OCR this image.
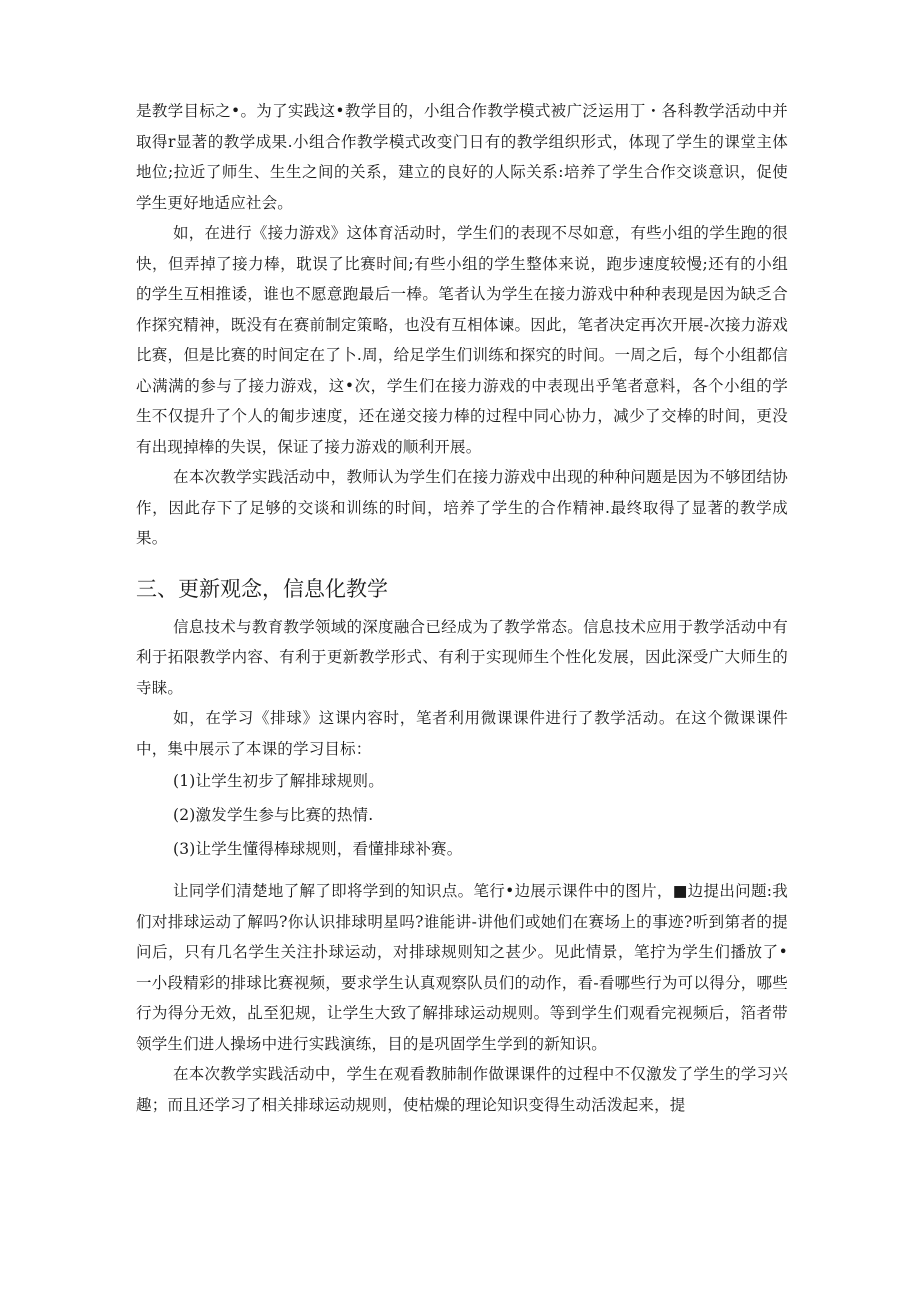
是教学目标之•。为了实践这•教学目的，小组合作教学模式被广泛运用丁・各科教学活动中并取得r显著的教学成果.小组合作教学模式改变门日有的教学组织形式，体现了学生的课堂主体地位;拉近了师生、生生之间的关系，建立的良好的人际关系:培养了学生合作交谈意识，促使学生更好地适应社会。

如，在进行《接力游戏》这体育活动时，学生们的表现不尽如意，有些小组的学生跑的很快，但弄掉了接力棒，耽误了比赛时间;有些小组的学生整体来说，跑步速度较慢;还有的小组的学生互相推诿，谁也不愿意跑最后一棒。笔者认为学生在接力游戏中种种表现是因为缺乏合作探究精神，既没有在赛前制定策略，也没有互相体谏。因此，笔者决定再次开展-次接力游戏比赛，但是比赛的时间定在了卜.周，给足学生们训练和探究的时间。一周之后，每个小组都信心满满的参与了接力游戏，这•次，学生们在接力游戏的中表现出乎笔者意料，各个小组的学生不仅提升了个人的匍步速度，还在递交接力棒的过程中同心协力，减少了交棒的时间，更没有出现掉棒的失误，保证了接力游戏的顺利开展。

在本次教学实践活动中，教师认为学生们在接力游戏中出现的种种问题是因为不够团结协作，因此存下了足够的交谈和训练的时间，培养了学生的合作精神.最终取得了显著的教学成果。

三、更新观念，信息化教学

信息技术与教育教学领域的深度融合已经成为了教学常态。信息技术应用于教学活动中有利于拓限教学内容、有利于更新教学形式、有利于实现师生个性化发展，因此深受广大师生的寺睐。

如，在学习《排球》这课内容时，笔者利用微课课件进行了教学活动。在这个微课课件中，集中展示了本课的学习目标：

(1)让学生初步了解排球规则。

(2)激发学生参与比赛的热情.

(3)让学生懂得棒球规则，看懂排球补赛。

让同学们清楚地了解了即将学到的知识点。笔行•边展示课件中的图片，■边提出问题:我们对排球运动了解吗?你认识排球明星吗?谁能讲-讲他们或她们在赛场上的事迹?听到第者的提问后，只有几名学生关注扑球运动，对排球规则知之甚少。见此情景，笔拧为学生们播放了•一小段精彩的排球比赛视频，要求学生认真观察队员们的动作，看-看哪些行为可以得分，哪些行为得分无效，乩至犯规，让学生大致了解排球运动规则。等到学生们观看完视频后，箔者带领学生们进人操场中进行实践演练，目的是巩固学生学到的新知识。

在本次教学实践活动中，学生在观看教肺制作做课课件的过程中不仅激发了学生的学习兴趣；而且还学习了相关排球运动规则，使枯燥的理论知识变得生动活泼起来，提
